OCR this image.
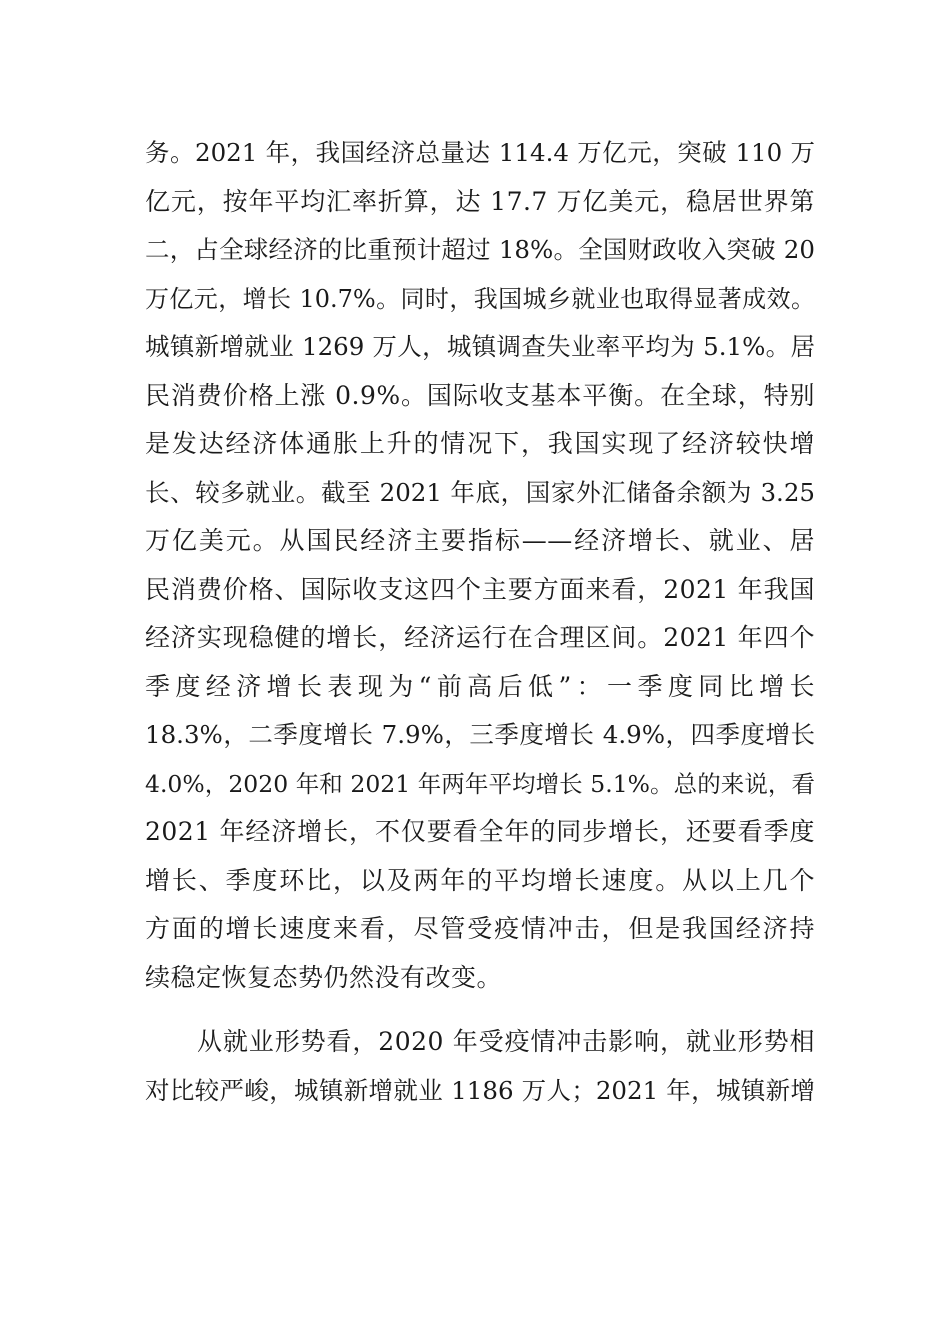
务。2021 年，我国经济总量达 114.4 万亿元，突破 110 万
亿元，按年平均汇率折算，达 17.7 万亿美元，稳居世界第
二，占全球经济的比重预计超过 18%。全国财政收入突破 20
万亿元，增长 10.7%。同时，我国城乡就业也取得显著成效。
城镇新增就业 1269 万人，城镇调查失业率平均为 5.1%。居
民消费价格上涨 0.9%。国际收支基本平衡。在全球，特别
是发达经济体通胀上升的情况下，我国实现了经济较快增
长、较多就业。截至 2021 年底，国家外汇储备余额为 3.25
万亿美元。从国民经济主要指标——经济增长、就业、居
民消费价格、国际收支这四个主要方面来看，2021 年我国
经济实现稳健的增长，经济运行在合理区间。2021 年四个
季度经济增长表现为“前高后低”：一季度同比增长
18.3%，二季度增长 7.9%，三季度增长 4.9%，四季度增长
4.0%，2020 年和 2021 年两年平均增长 5.1%。总的来说，看
2021 年经济增长，不仅要看全年的同步增长，还要看季度
增长、季度环比，以及两年的平均增长速度。从以上几个
方面的增长速度来看，尽管受疫情冲击，但是我国经济持
续稳定恢复态势仍然没有改变。
从就业形势看，2020 年受疫情冲击影响，就业形势相
对比较严峻，城镇新增就业 1186 万人；2021 年，城镇新增
